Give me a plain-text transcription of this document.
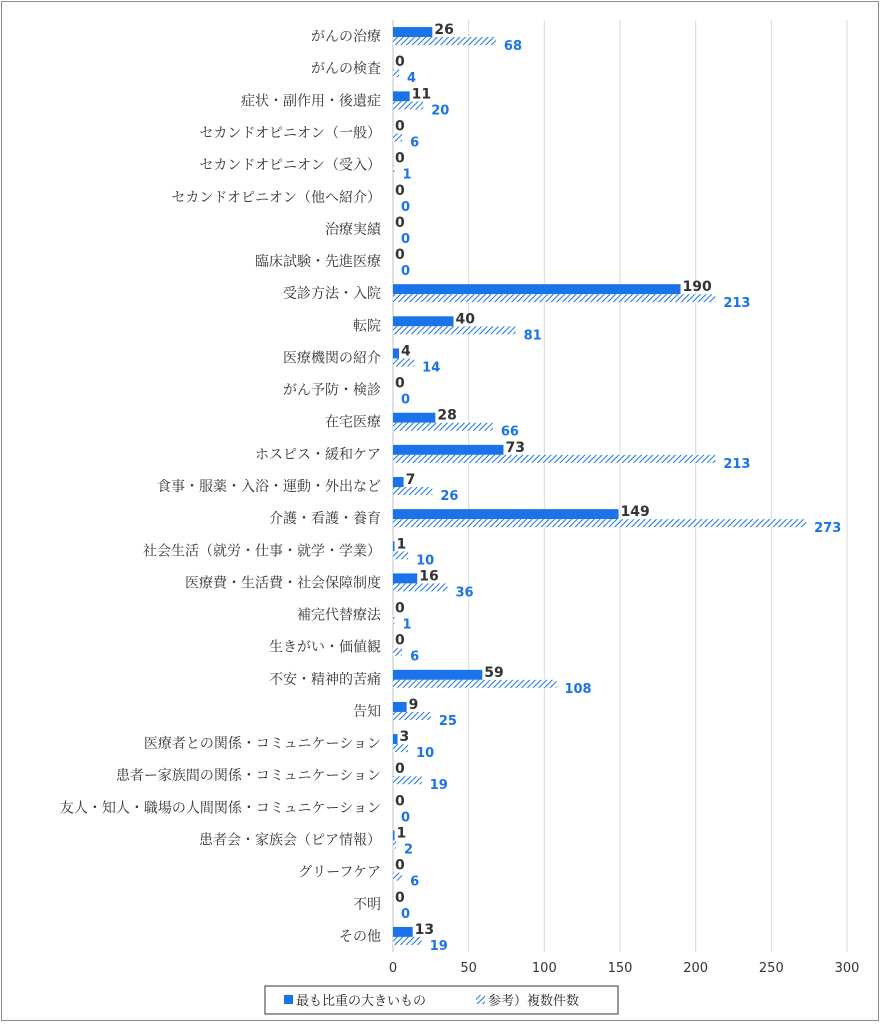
がんの治療
がんの検査
症状・副作用・後遺症
セカンドオピニオン（一般）
セカンドオピニオン（受入）
セカンドオピニオン（他へ紹介）
治療実績
臨床試験・先進医療
受診方法・入院
転院
医療機関の紹介
がん予防・検診
在宅医療
ホスピス・緩和ケア
食事・服薬・入浴・運動・外出など
介護・看護・養育
社会生活（就労・仕事・就学・学業）
医療費・生活費・社会保障制度
補完代替療法
生きがい・価値観
不安・精神的苦痛
告知
医療者との関係・コミュニケーション
患者ー家族間の関係・コミュニケーション
友人・知人・職場の人間関係・コミュニケーション
患者会・家族会（ピア情報）
グリーフケア
不明
その他
26
68
0
4
11
20
0
6
0
1
0
0
0
0
0
0
190
213
40
81
4
14
0
0
28
66
73
213
7
26
149
273
1
10
16
36
0
1
0
6
59
108
9
25
3
10
0
19
0
0
1
2
0
6
0
0
13
19
0	50	100	150	200	250	300
最も比重の大きいもの	参考）複数件数
